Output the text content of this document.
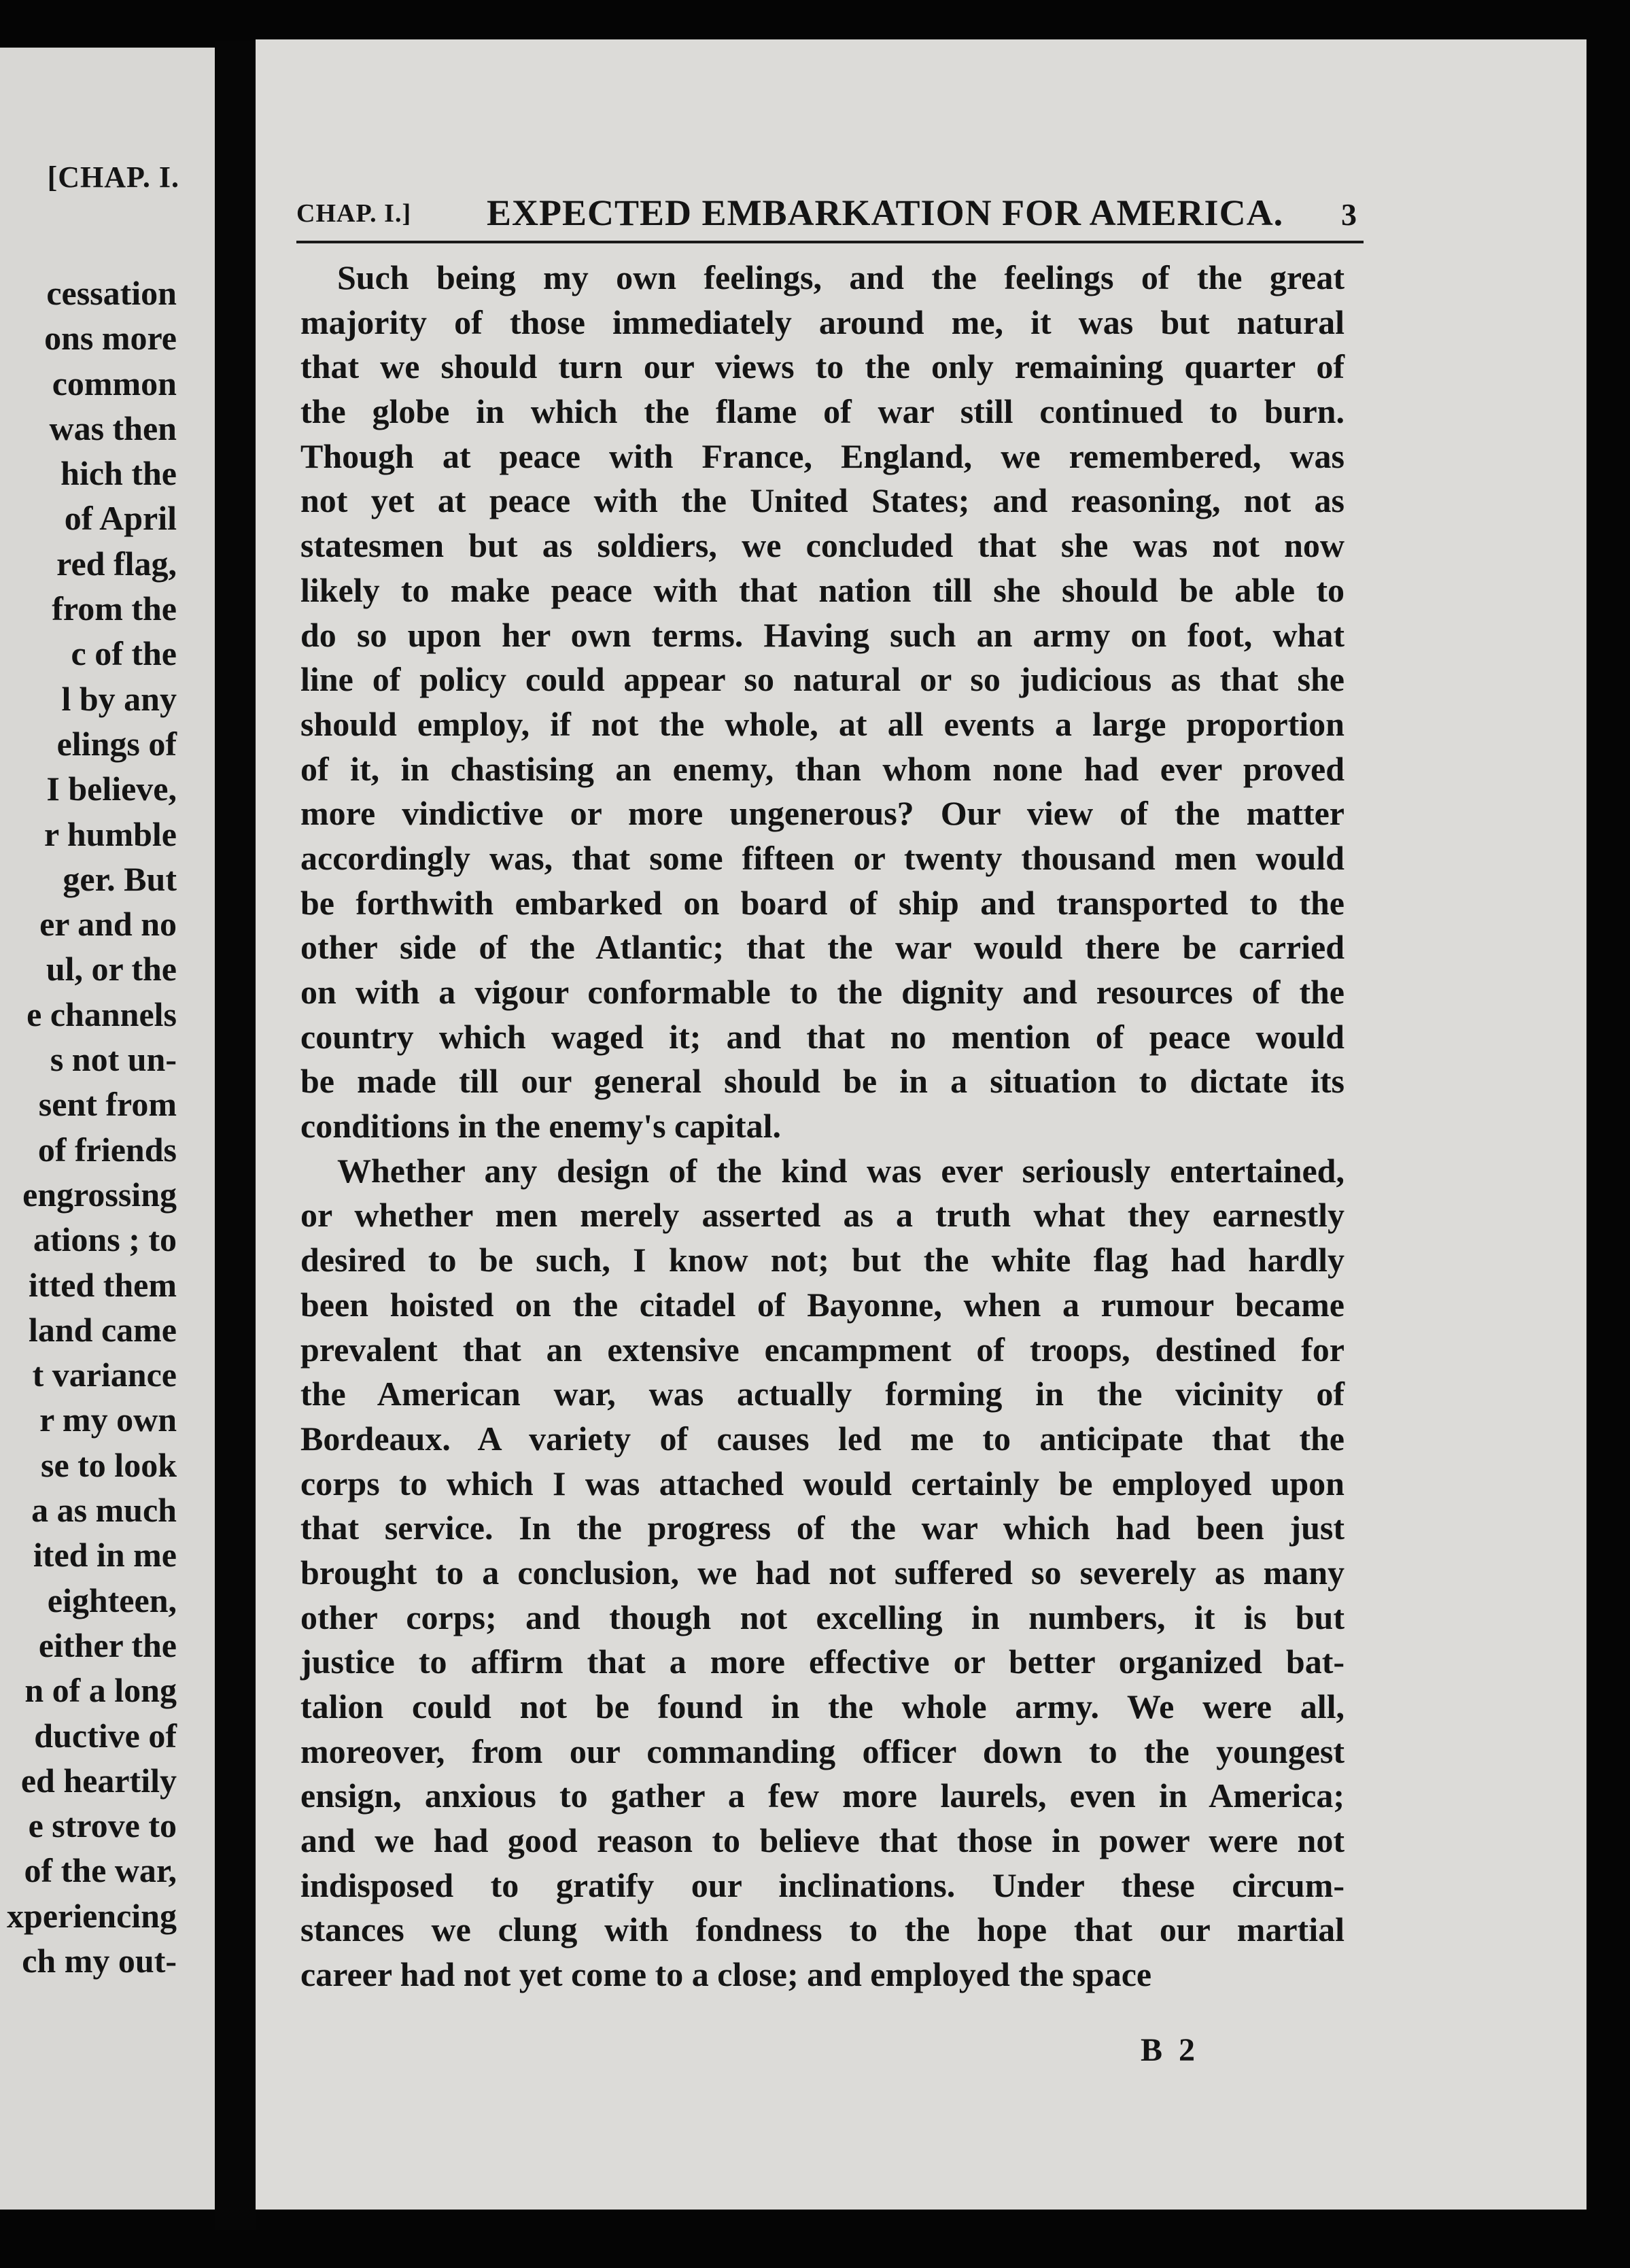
[CHAP. I.
cessation
ons more
common
was then
hich the
of April
red flag,
from the
c of the
l by any
elings of
I believe,
r humble
ger. But
er and no
ul, or the
e channels
s not un-
sent from
of friends
engrossing
ations ; to
itted them
land came
t variance
r my own
se to look
a as much
ited in me
eighteen,
either the
n of a long
ductive of
ed heartily
e strove to
of the war,
xperiencing
ch my out-
CHAP. I.] EXPECTED EMBARKATION FOR AMERICA. 3
Such being my own feelings, and the feelings of the great
majority of those immediately around me, it was but natural
that we should turn our views to the only remaining quarter of
the globe in which the flame of war still continued to burn.
Though at peace with France, England, we remembered, was
not yet at peace with the United States; and reasoning, not as
statesmen but as soldiers, we concluded that she was not now
likely to make peace with that nation till she should be able to
do so upon her own terms. Having such an army on foot, what
line of policy could appear so natural or so judicious as that she
should employ, if not the whole, at all events a large proportion
of it, in chastising an enemy, than whom none had ever proved
more vindictive or more ungenerous? Our view of the matter
accordingly was, that some fifteen or twenty thousand men would
be forthwith embarked on board of ship and transported to the
other side of the Atlantic; that the war would there be carried
on with a vigour conformable to the dignity and resources of the
country which waged it; and that no mention of peace would
be made till our general should be in a situation to dictate its
conditions in the enemy's capital.
Whether any design of the kind was ever seriously entertained,
or whether men merely asserted as a truth what they earnestly
desired to be such, I know not; but the white flag had hardly
been hoisted on the citadel of Bayonne, when a rumour became
prevalent that an extensive encampment of troops, destined for
the American war, was actually forming in the vicinity of
Bordeaux. A variety of causes led me to anticipate that the
corps to which I was attached would certainly be employed upon
that service. In the progress of the war which had been just
brought to a conclusion, we had not suffered so severely as many
other corps; and though not excelling in numbers, it is but
justice to affirm that a more effective or better organized bat-
talion could not be found in the whole army. We were all,
moreover, from our commanding officer down to the youngest
ensign, anxious to gather a few more laurels, even in America;
and we had good reason to believe that those in power were not
indisposed to gratify our inclinations. Under these circum-
stances we clung with fondness to the hope that our martial
career had not yet come to a close; and employed the space
B 2
